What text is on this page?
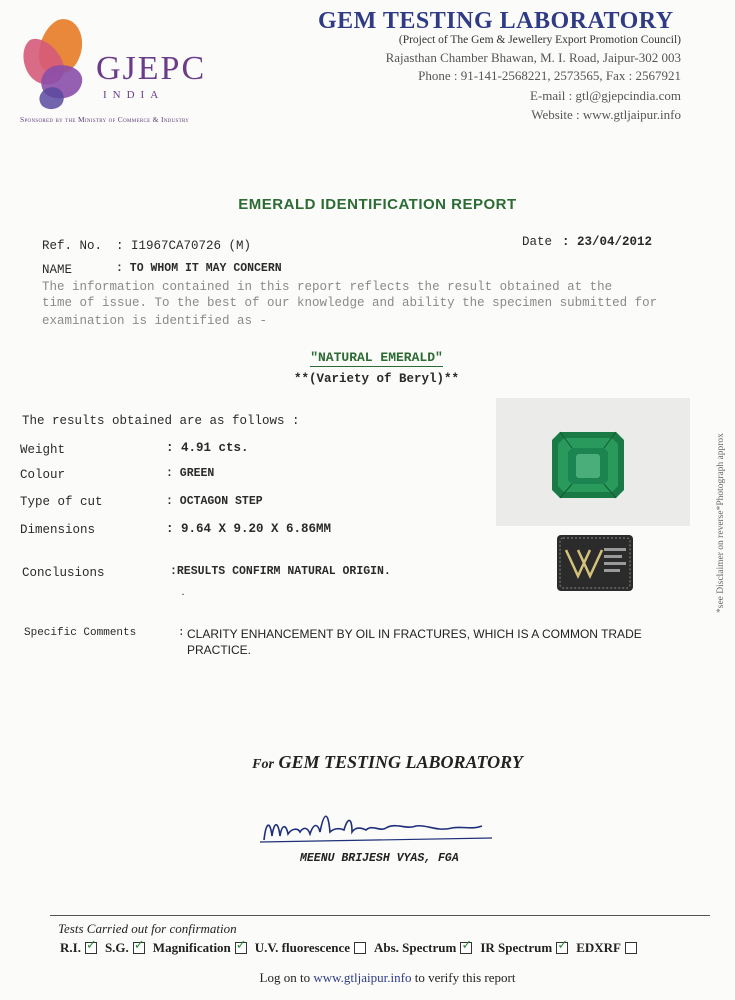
GJEPC
INDIA
Sponsored by the Ministry of Commerce & Industry
GEM TESTING LABORATORY
(Project of The Gem & Jewellery Export Promotion Council)
Rajasthan Chamber Bhawan, M. I. Road, Jaipur-302 003
Phone : 91-141-2568221, 2573565, Fax : 2567921
E-mail : gtl@gjepcindia.com
Website : www.gtljaipur.info
EMERALD IDENTIFICATION REPORT
Ref. No. : I1967CA70726 (M)	Date : 23/04/2012
NAME	: TO WHOM IT MAY CONCERN
The information contained in this report reflects the result obtained at the
time of issue. To the best of our knowledge and ability the specimen submitted for
examination is identified as -
"NATURAL EMERALD"
**(Variety of Beryl)**
The results obtained are as follows :
Weight	: 4.91 cts.
Colour	: GREEN
Type of cut	: OCTAGON STEP
Dimensions	: 9.64 X 9.20 X 6.86MM	*see Disclaimer on reverse*Photograph approx
Conclusions	:RESULTS CONFIRM NATURAL ORIGIN.
·
Specific Comments	: CLARITY ENHANCEMENT BY OIL IN FRACTURES, WHICH IS A COMMON TRADE PRACTICE.
For GEM TESTING LABORATORY
MEENU BRIJESH VYAS, FGA
Tests Carried out for confirmation
R.I. ✓ S.G. ✓ Magnification ✓ U.V. fluorescence Abs. Spectrum ✓ IR Spectrum ✓ EDXRF
Log on to www.gtljaipur.info to verify this report
